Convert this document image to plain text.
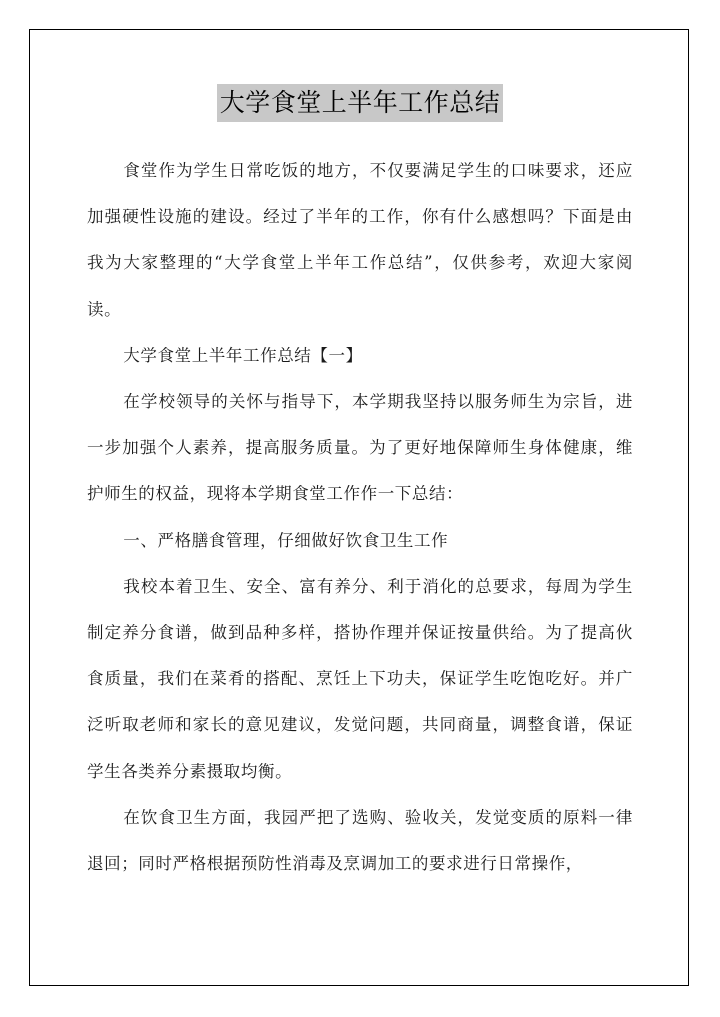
大学食堂上半年工作总结

食堂作为学生日常吃饭的地方，不仅要满足学生的口味要求，还应加强硬性设施的建设。经过了半年的工作，你有什么感想吗？下面是由我为大家整理的“大学食堂上半年工作总结”，仅供参考，欢迎大家阅读。

大学食堂上半年工作总结【一】

在学校领导的关怀与指导下，本学期我坚持以服务师生为宗旨，进一步加强个人素养，提高服务质量。为了更好地保障师生身体健康，维护师生的权益，现将本学期食堂工作作一下总结：

一、严格膳食管理，仔细做好饮食卫生工作

我校本着卫生、安全、富有养分、利于消化的总要求，每周为学生制定养分食谱，做到品种多样，搭协作理并保证按量供给。为了提高伙食质量，我们在菜肴的搭配、烹饪上下功夫，保证学生吃饱吃好。并广泛听取老师和家长的意见建议，发觉问题，共同商量，调整食谱，保证学生各类养分素摄取均衡。

在饮食卫生方面，我园严把了选购、验收关，发觉变质的原料一律退回；同时严格根据预防性消毒及烹调加工的要求进行日常操作，
